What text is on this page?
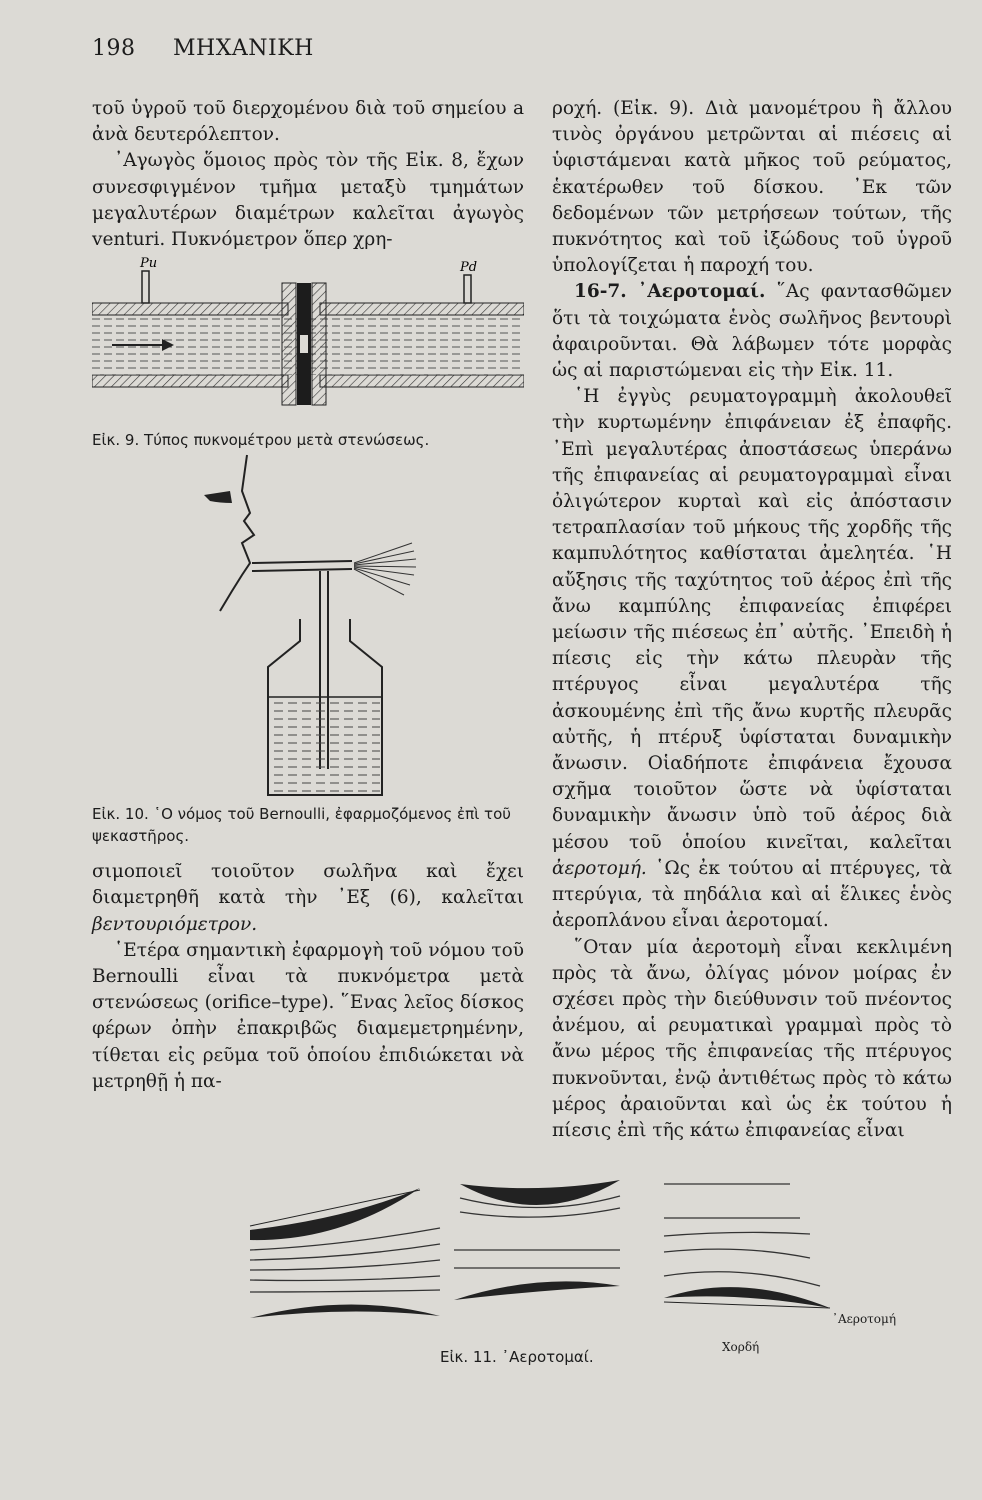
198 ΜΗΧΑΝΙΚΗ

τοῦ ὑγροῦ τοῦ διερχομένου διὰ τοῦ σημείου a ἀνὰ δευτερόλεπτον.

᾿Αγωγὸς ὅμοιος πρὸς τὸν τῆς Εἰκ. 8, ἔχων συνεσφιγμένον τμῆμα μεταξὺ τμημάτων μεγαλυτέρων διαμέτρων καλεῖται ἀγωγὸς venturi. Πυκνόμετρον ὅπερ χρη-

Pu	Pd

Εἰκ. 9. Τύπος πυκνομέτρου μετὰ στενώσεως.

Εἰκ. 10. ῾Ο νόμος τοῦ Bernoulli, ἐφαρμοζόμενος ἐπὶ τοῦ ψεκαστῆρος.

σιμοποιεῖ τοιοῦτον σωλῆνα καὶ ἔχει διαμετρηθῆ κατὰ τὴν ᾿Εξ (6), καλεῖται βεντουριόμετρον.

῾Ετέρα σημαντικὴ ἐφαρμογὴ τοῦ νόμου τοῦ Bernoulli εἶναι τὰ πυκνόμετρα μετὰ στενώσεως (orifice–type). ῞Ενας λεῖος δίσκος φέρων ὀπὴν ἐπακριβῶς διαμεμετρημένην, τίθεται εἰς ρεῦμα τοῦ ὁποίου ἐπιδιώκεται νὰ μετρηθῇ ἡ πα-

ροχή. (Εἰκ. 9). Διὰ μανομέτρου ἢ ἄλλου τινὸς ὀργάνου μετρῶνται αἱ πιέσεις αἱ ὑφιστάμεναι κατὰ μῆκος τοῦ ρεύματος, ἑκατέρωθεν τοῦ δίσκου. ᾿Εκ τῶν δεδομένων τῶν μετρήσεων τούτων, τῆς πυκνότητος καὶ τοῦ ἰξώδους τοῦ ὑγροῦ ὑπολογίζεται ἡ παροχή του.

16-7. ᾿Αεροτομαί. ῞Ας φαντασθῶμεν ὅτι τὰ τοιχώματα ἑνὸς σωλῆνος βεντουρὶ ἀφαιροῦνται. Θὰ λάβωμεν τότε μορφὰς ὡς αἱ παριστώμεναι εἰς τὴν Εἰκ. 11.

῾Η ἐγγὺς ρευματογραμμὴ ἀκολουθεῖ τὴν κυρτωμένην ἐπιφάνειαν ἐξ ἐπαφῆς. ᾿Επὶ μεγαλυτέρας ἀποστάσεως ὑπεράνω τῆς ἐπιφανείας αἱ ρευματογραμμαὶ εἶναι ὀλιγώτερον κυρταὶ καὶ εἰς ἀπόστασιν τετραπλασίαν τοῦ μήκους τῆς χορδῆς τῆς καμπυλότητος καθίσταται ἀμελητέα. ῾Η αὔξησις τῆς ταχύτητος τοῦ ἀέρος ἐπὶ τῆς ἄνω καμπύλης ἐπιφανείας ἐπιφέρει μείωσιν τῆς πιέσεως ἐπ᾿ αὐτῆς. ᾿Επειδὴ ἡ πίεσις εἰς τὴν κάτω πλευρὰν τῆς πτέρυγος εἶναι μεγαλυτέρα τῆς ἀσκουμένης ἐπὶ τῆς ἄνω κυρτῆς πλευρᾶς αὐτῆς, ἡ πτέρυξ ὑφίσταται δυναμικὴν ἄνωσιν. Οἱαδήποτε ἐπιφάνεια ἔχουσα σχῆμα τοιοῦτον ὥστε νὰ ὑφίσταται δυναμικὴν ἄνωσιν ὑπὸ τοῦ ἀέρος διὰ μέσου τοῦ ὁποίου κινεῖται, καλεῖται ἀεροτομή. ῾Ως ἐκ τούτου αἱ πτέρυγες, τὰ πτερύγια, τὰ πηδάλια καὶ αἱ ἕλικες ἑνὸς ἀεροπλάνου εἶναι ἀεροτομαί.

῞Οταν μία ἀεροτομὴ εἶναι κεκλιμένη πρὸς τὰ ἄνω, ὀλίγας μόνον μοίρας ἐν σχέσει πρὸς τὴν διεύθυνσιν τοῦ πνέοντος ἀνέμου, αἱ ρευματικαὶ γραμμαὶ πρὸς τὸ ἄνω μέρος τῆς ἐπιφανείας τῆς πτέρυγος πυκνοῦνται, ἐνῷ ἀντιθέτως πρὸς τὸ κάτω μέρος ἀραιοῦνται καὶ ὡς ἐκ τούτου ἡ πίεσις ἐπὶ τῆς κάτω ἐπιφανείας εἶναι

᾿Αεροτομή
Χορδή
Εἰκ. 11. ᾿Αεροτομαί.
